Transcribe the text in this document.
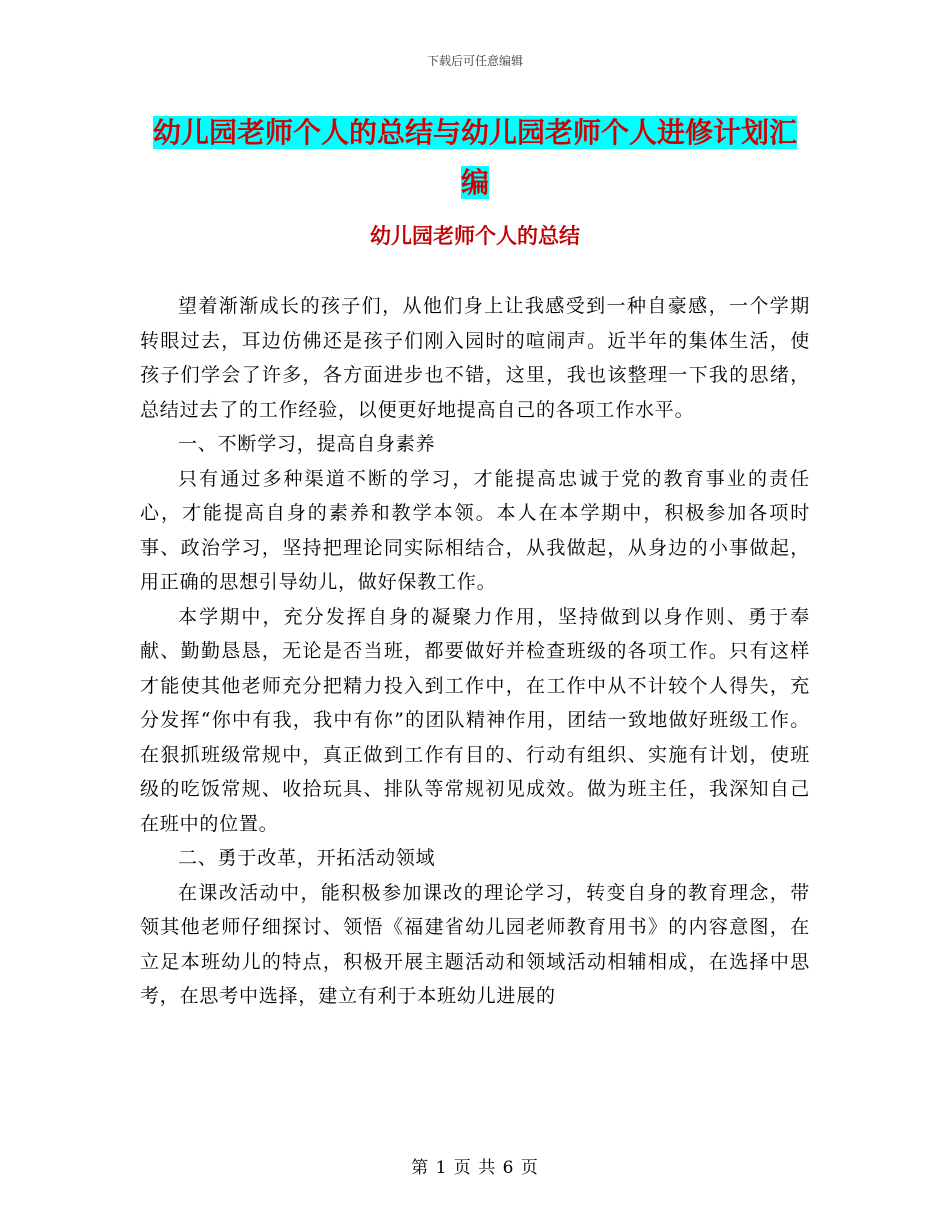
下载后可任意编辑
幼儿园老师个人的总结与幼儿园老师个人进修计划汇
编
幼儿园老师个人的总结

望着渐渐成长的孩子们，从他们身上让我感受到一种自豪感，一个学期转眼过去，耳边仿佛还是孩子们刚入园时的喧闹声。近半年的集体生活，使孩子们学会了许多，各方面进步也不错，这里，我也该整理一下我的思绪，总结过去了的工作经验，以便更好地提高自己的各项工作水平。

一、不断学习，提高自身素养

只有通过多种渠道不断的学习，才能提高忠诚于党的教育事业的责任心，才能提高自身的素养和教学本领。本人在本学期中，积极参加各项时事、政治学习，坚持把理论同实际相结合，从我做起，从身边的小事做起，用正确的思想引导幼儿，做好保教工作。

本学期中，充分发挥自身的凝聚力作用，坚持做到以身作则、勇于奉献、勤勤恳恳，无论是否当班，都要做好并检查班级的各项工作。只有这样才能使其他老师充分把精力投入到工作中，在工作中从不计较个人得失，充分发挥“你中有我，我中有你”的团队精神作用，团结一致地做好班级工作。在狠抓班级常规中，真正做到工作有目的、行动有组织、实施有计划，使班级的吃饭常规、收拾玩具、排队等常规初见成效。做为班主任，我深知自己在班中的位置。

二、勇于改革，开拓活动领域

在课改活动中，能积极参加课改的理论学习，转变自身的教育理念，带领其他老师仔细探讨、领悟《福建省幼儿园老师教育用书》的内容意图，在立足本班幼儿的特点，积极开展主题活动和领域活动相辅相成，在选择中思考，在思考中选择，建立有利于本班幼儿进展的

第 1 页 共 6 页
